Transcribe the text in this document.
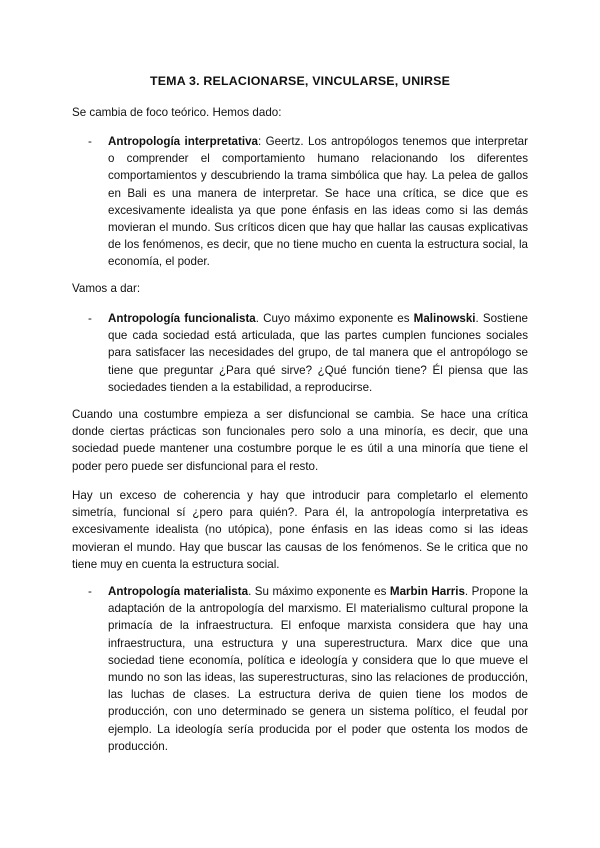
TEMA 3. RELACIONARSE, VINCULARSE, UNIRSE

Se cambia de foco teórico. Hemos dado:

-	Antropología interpretativa: Geertz. Los antropólogos tenemos que interpretar o comprender el comportamiento humano relacionando los diferentes comportamientos y descubriendo la trama simbólica que hay. La pelea de gallos en Bali es una manera de interpretar. Se hace una crítica, se dice que es excesivamente idealista ya que pone énfasis en las ideas como si las demás movieran el mundo. Sus críticos dicen que hay que hallar las causas explicativas de los fenómenos, es decir, que no tiene mucho en cuenta la estructura social, la economía, el poder.

Vamos a dar:

-	Antropología funcionalista. Cuyo máximo exponente es Malinowski. Sostiene que cada sociedad está articulada, que las partes cumplen funciones sociales para satisfacer las necesidades del grupo, de tal manera que el antropólogo se tiene que preguntar ¿Para qué sirve? ¿Qué función tiene? Él piensa que las sociedades tienden a la estabilidad, a reproducirse.

Cuando una costumbre empieza a ser disfuncional se cambia. Se hace una crítica donde ciertas prácticas son funcionales pero solo a una minoría, es decir, que una sociedad puede mantener una costumbre porque le es útil a una minoría que tiene el poder pero puede ser disfuncional para el resto.

Hay un exceso de coherencia y hay que introducir para completarlo el elemento simetría, funcional sí ¿pero para quién?. Para él, la antropología interpretativa es excesivamente idealista (no utópica), pone énfasis en las ideas como si las ideas movieran el mundo. Hay que buscar las causas de los fenómenos. Se le critica que no tiene muy en cuenta la estructura social.

-	Antropología materialista. Su máximo exponente es Marbin Harris. Propone la adaptación de la antropología del marxismo. El materialismo cultural propone la primacía de la infraestructura. El enfoque marxista considera que hay una infraestructura, una estructura y una superestructura. Marx dice que una sociedad tiene economía, política e ideología y considera que lo que mueve el mundo no son las ideas, las superestructuras, sino las relaciones de producción, las luchas de clases. La estructura deriva de quien tiene los modos de producción, con uno determinado se genera un sistema político, el feudal por ejemplo. La ideología sería producida por el poder que ostenta los modos de producción.
